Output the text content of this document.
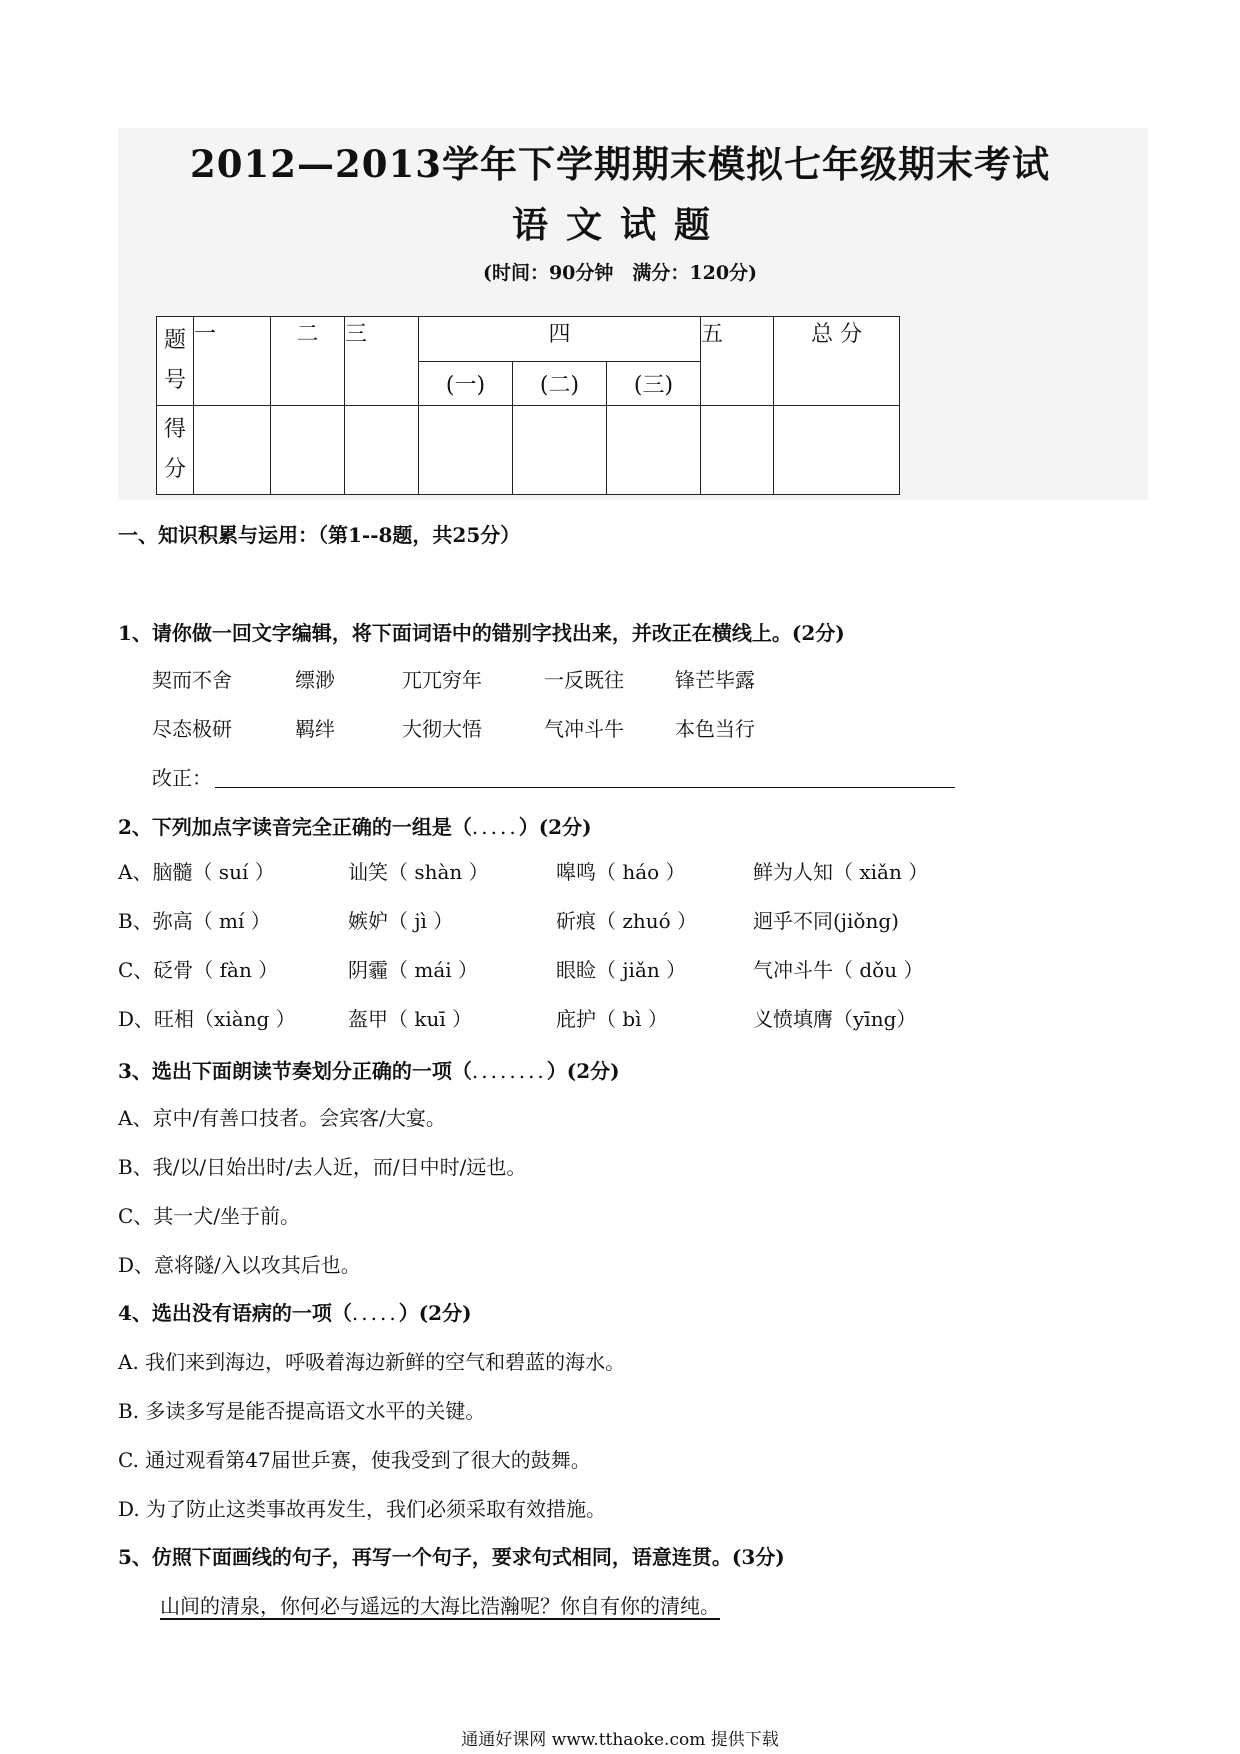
2012—2013学年下学期期末模拟七年级期末考试
语文试题
(时间：90分钟　满分：120分)
题号	一	二	三	四			五	总 分
				(一)	(二)	(三)		
得分								
一、知识积累与运用：（第1--8题，共25分）
1、请你做一回文字编辑，将下面词语中的错别字找出来，并改正在横线上。(2分)
契而不舍	缥渺	兀兀穷年	一反既往	锋芒毕露
尽态极研	羁绊	大彻大悟	气冲斗牛	本色当行
改正：
2、下列加点字读音完全正确的一组是（.....）(2分)
A、脑髓（ suí ）	讪笑（ shàn ）	嗥鸣（ háo ）	鲜为人知（ xiǎn ）
B、弥高（ mí ）	嫉妒（ jì ）	斫痕（ zhuó ）	迥乎不同(jiǒng)
C、砭骨（ fàn ）	阴霾（ mái ）	眼睑（ jiǎn ）	气冲斗牛（ dǒu ）
D、旺相（xiàng ）	盔甲（ kuī ）	庇护（ bì ）	义愤填膺（yīng）
3、选出下面朗读节奏划分正确的一项（........）(2分)
A、京中/有善口技者。会宾客/大宴。
B、我/以/日始出时/去人近，而/日中时/远也。
C、其一犬/坐于前。
D、意将隧/入以攻其后也。
4、选出没有语病的一项（.....）(2分)
A. 我们来到海边，呼吸着海边新鲜的空气和碧蓝的海水。
B. 多读多写是能否提高语文水平的关键。
C. 通过观看第47届世乒赛，使我受到了很大的鼓舞。
D. 为了防止这类事故再发生，我们必须采取有效措施。
5、仿照下面画线的句子，再写一个句子，要求句式相同，语意连贯。(3分)
山间的清泉，你何必与遥远的大海比浩瀚呢？你自有你的清纯。
通通好课网 www.tthaoke.com 提供下载
